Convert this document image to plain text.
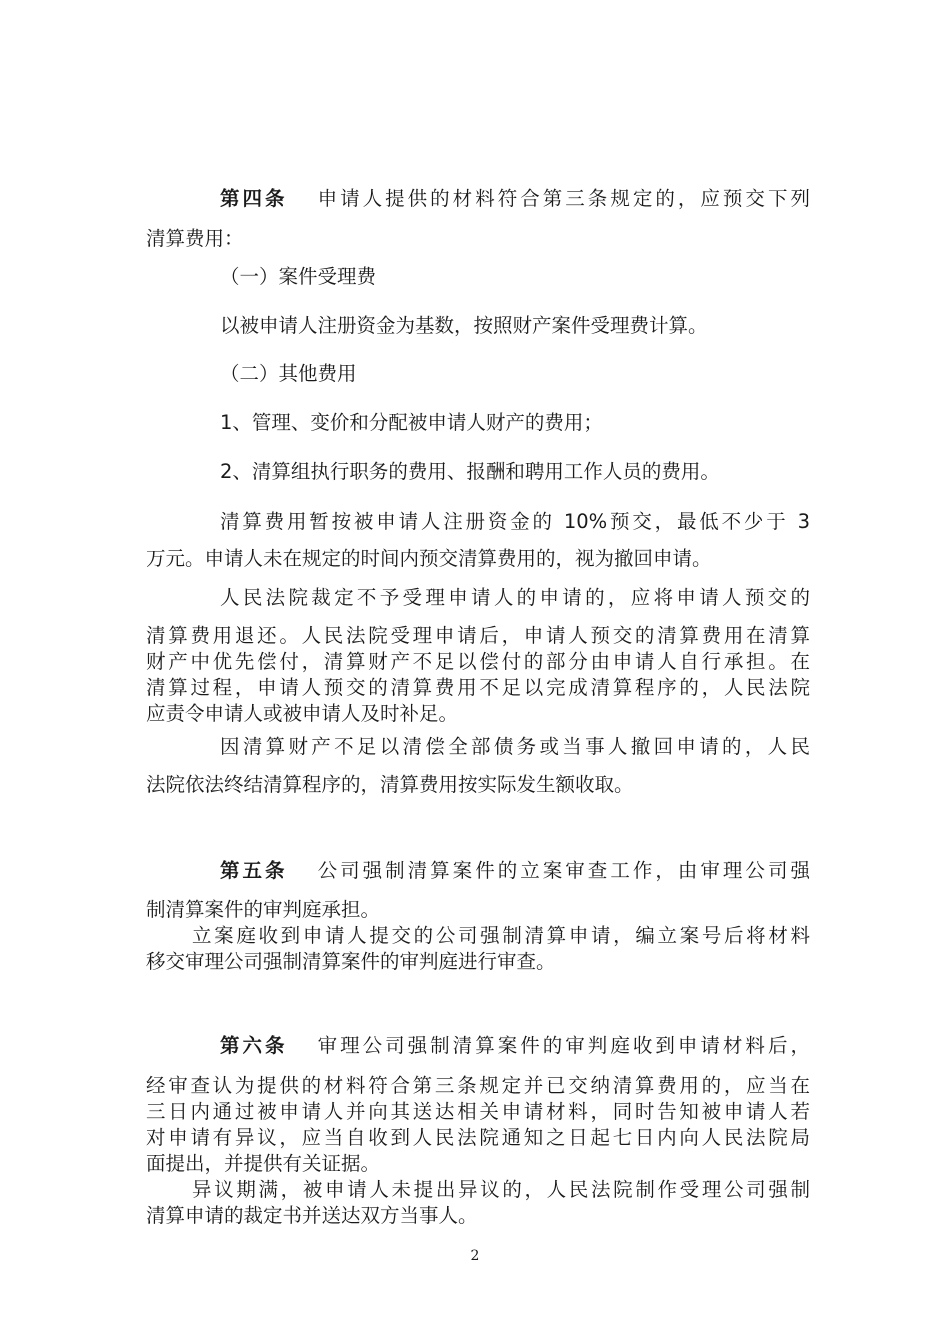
第四条 申请人提供的材料符合第三条规定的，应预交下列
清算费用：
（一）案件受理费
以被申请人注册资金为基数，按照财产案件受理费计算。
（二）其他费用
1、管理、变价和分配被申请人财产的费用；
2、清算组执行职务的费用、报酬和聘用工作人员的费用。
清算费用暂按被申请人注册资金的 10%预交，最低不少于 3
万元。申请人未在规定的时间内预交清算费用的，视为撤回申请。
人民法院裁定不予受理申请人的申请的，应将申请人预交的
清算费用退还。人民法院受理申请后，申请人预交的清算费用在清算
财产中优先偿付，清算财产不足以偿付的部分由申请人自行承担。在
清算过程，申请人预交的清算费用不足以完成清算程序的，人民法院
应责令申请人或被申请人及时补足。
因清算财产不足以清偿全部债务或当事人撤回申请的，人民
法院依法终结清算程序的，清算费用按实际发生额收取。
第五条 公司强制清算案件的立案审查工作，由审理公司强
制清算案件的审判庭承担。
立案庭收到申请人提交的公司强制清算申请，编立案号后将材料
移交审理公司强制清算案件的审判庭进行审查。
第六条 审理公司强制清算案件的审判庭收到申请材料后，
经审查认为提供的材料符合第三条规定并已交纳清算费用的，应当在
三日内通过被申请人并向其送达相关申请材料，同时告知被申请人若
对申请有异议，应当自收到人民法院通知之日起七日内向人民法院局
面提出，并提供有关证据。
异议期满，被申请人未提出异议的，人民法院制作受理公司强制
清算申请的裁定书并送达双方当事人。
2
